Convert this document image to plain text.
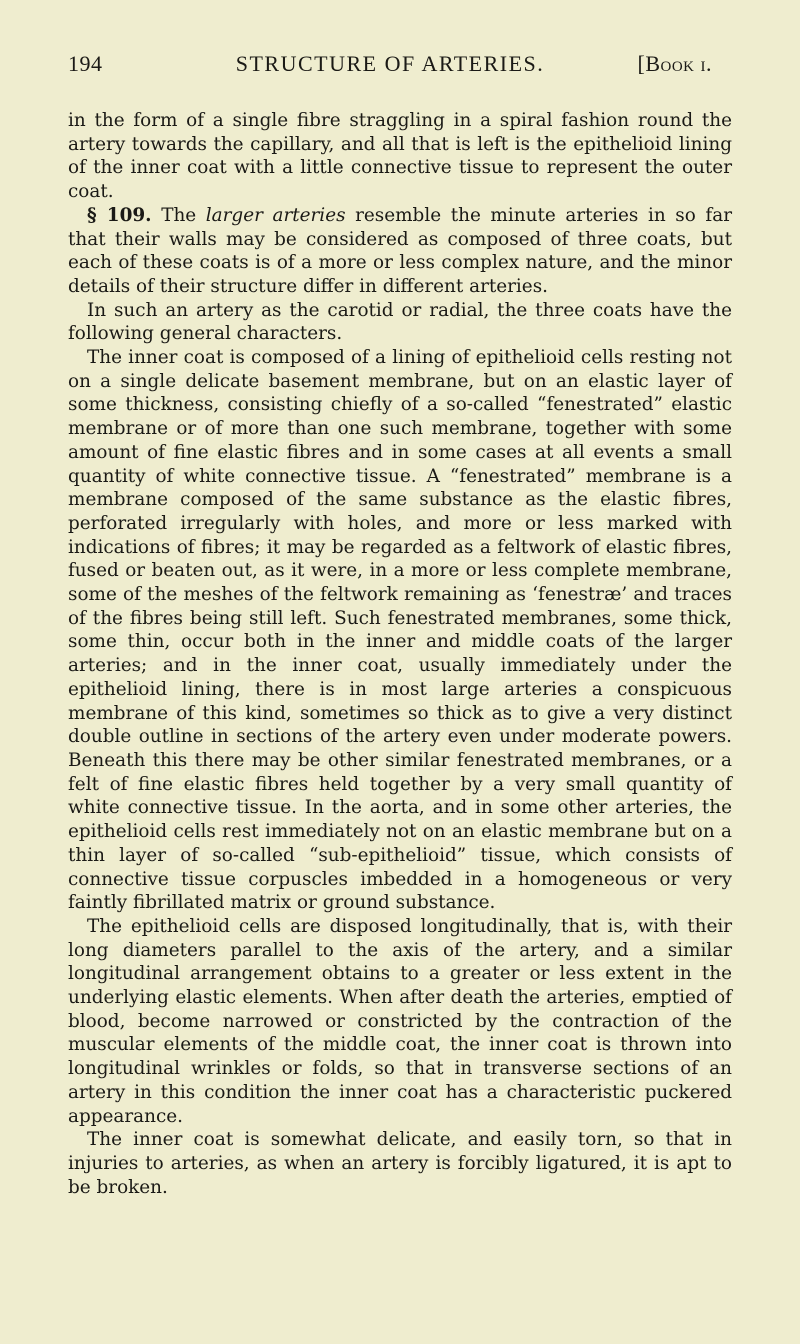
194	STRUCTURE OF ARTERIES.	[Book i.

in the form of a single fibre straggling in a spiral fashion round the artery towards the capillary, and all that is left is the epithelioid lining of the inner coat with a little connective tissue to represent the outer coat.

§ 109. The larger arteries resemble the minute arteries in so far that their walls may be considered as composed of three coats, but each of these coats is of a more or less complex nature, and the minor details of their structure differ in different arteries.

In such an artery as the carotid or radial, the three coats have the following general characters.

The inner coat is composed of a lining of epithelioid cells resting not on a single delicate basement membrane, but on an elastic layer of some thickness, consisting chiefly of a so-called “fenestrated” elastic membrane or of more than one such membrane, together with some amount of fine elastic fibres and in some cases at all events a small quantity of white connective tissue. A “fenestrated” membrane is a membrane composed of the same substance as the elastic fibres, perforated irregularly with holes, and more or less marked with indications of fibres; it may be regarded as a feltwork of elastic fibres, fused or beaten out, as it were, in a more or less complete membrane, some of the meshes of the feltwork remaining as ‘fenestræ’ and traces of the fibres being still left. Such fenestrated membranes, some thick, some thin, occur both in the inner and middle coats of the larger arteries; and in the inner coat, usually immediately under the epithelioid lining, there is in most large arteries a conspicuous membrane of this kind, sometimes so thick as to give a very distinct double outline in sections of the artery even under moderate powers. Beneath this there may be other similar fenestrated membranes, or a felt of fine elastic fibres held together by a very small quantity of white connective tissue. In the aorta, and in some other arteries, the epithelioid cells rest immediately not on an elastic membrane but on a thin layer of so-called “sub-epithelioid” tissue, which consists of connective tissue corpuscles imbedded in a homogeneous or very faintly fibrillated matrix or ground substance.

The epithelioid cells are disposed longitudinally, that is, with their long diameters parallel to the axis of the artery, and a similar longitudinal arrangement obtains to a greater or less extent in the underlying elastic elements. When after death the arteries, emptied of blood, become narrowed or constricted by the contraction of the muscular elements of the middle coat, the inner coat is thrown into longitudinal wrinkles or folds, so that in transverse sections of an artery in this condition the inner coat has a characteristic puckered appearance.

The inner coat is somewhat delicate, and easily torn, so that in injuries to arteries, as when an artery is forcibly ligatured, it is apt to be broken.
